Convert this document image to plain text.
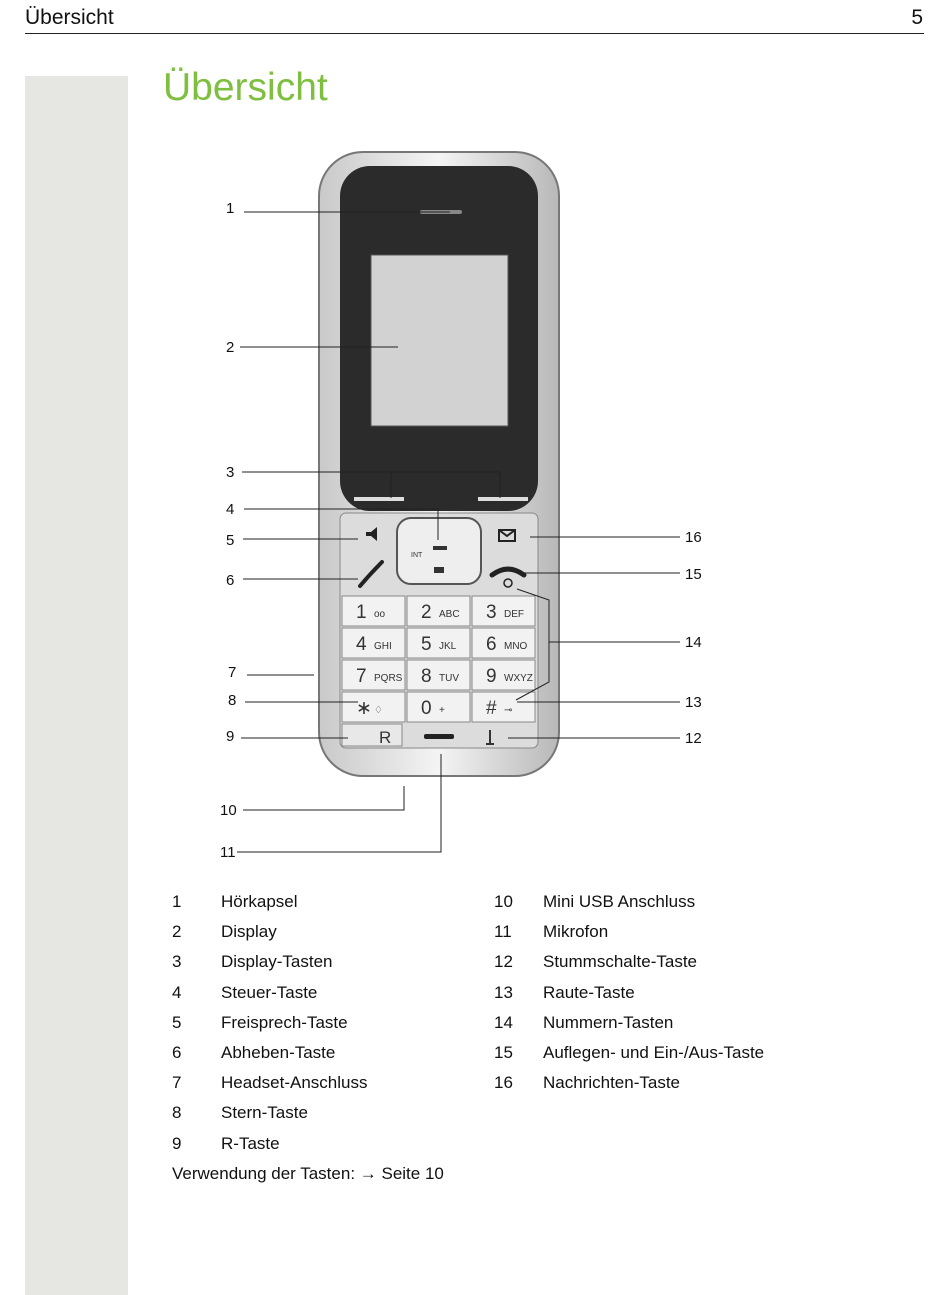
Übersicht	5
Übersicht
INT
1 oo 2 ABC 3 DEF
4 GHI 5 JKL 6 MNO
7 PQRS 8 TUV 9 WXYZ
∗ ♢ 0 + # ⊸
R
1
2
3
4
5
6
7
8
9
10
11
16
15
14
13
12
1 Hörkapsel
2 Display
3 Display-Tasten
4 Steuer-Taste
5 Freisprech-Taste
6 Abheben-Taste
7 Headset-Anschluss
8 Stern-Taste
9 R-Taste
10 Mini USB Anschluss
11 Mikrofon
12 Stummschalte-Taste
13 Raute-Taste
14 Nummern-Tasten
15 Auflegen- und Ein-/Aus-Taste
16 Nachrichten-Taste
Verwendung der Tasten: → Seite 10
